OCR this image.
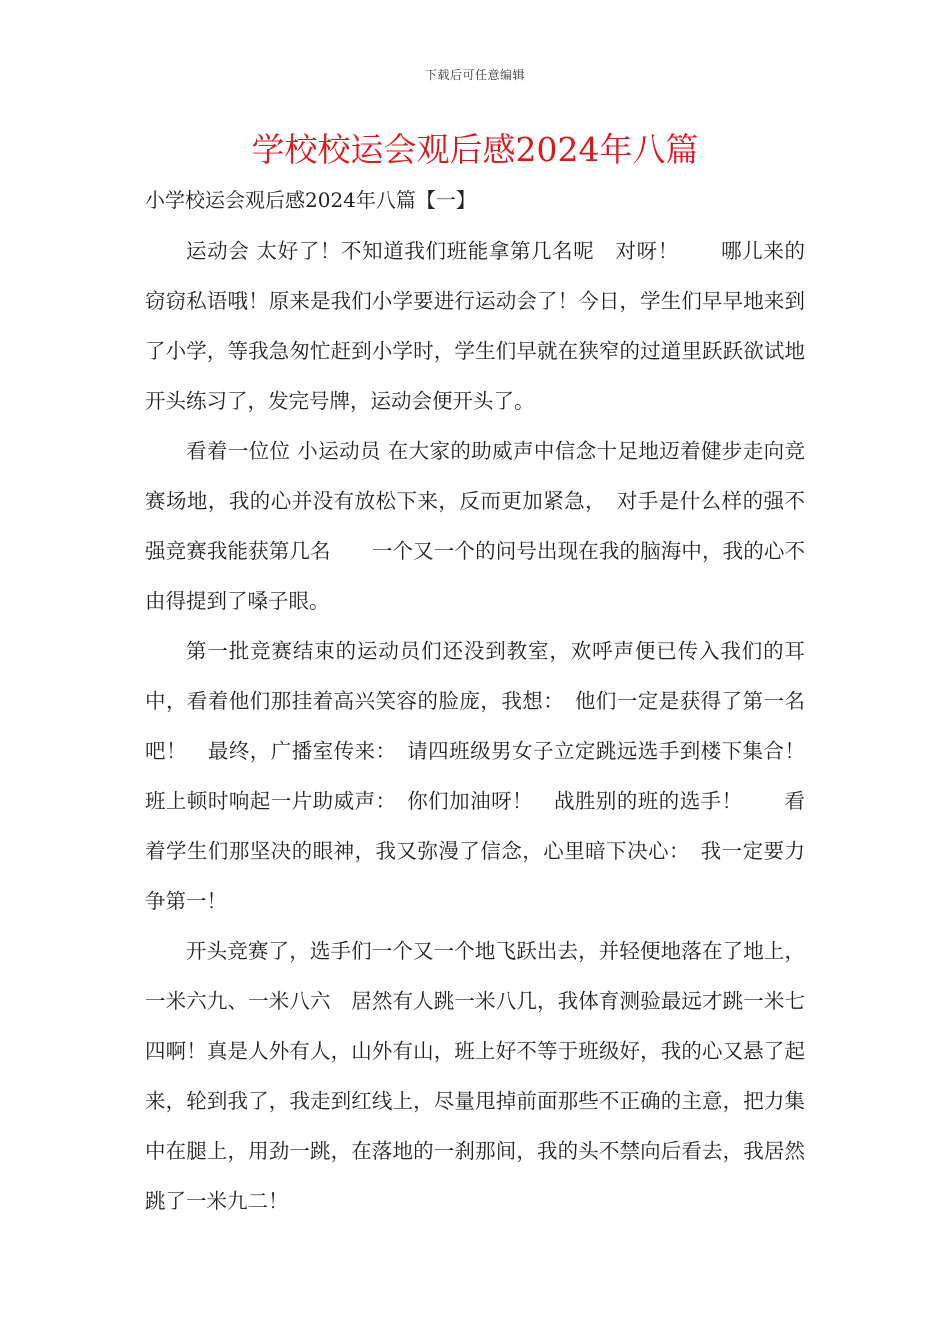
下载后可任意编辑
学校校运会观后感2024年八篇
小学校运会观后感2024年八篇【一】

运动会 太好了！不知道我们班能拿第几名呢　对呀！　　哪儿来的窃窃私语哦！原来是我们小学要进行运动会了！今日，学生们早早地来到了小学，等我急匆忙赶到小学时，学生们早就在狭窄的过道里跃跃欲试地开头练习了，发完号牌，运动会便开头了。

看着一位位 小运动员 在大家的助威声中信念十足地迈着健步走向竞赛场地，我的心并没有放松下来，反而更加紧急，　对手是什么样的强不强竞赛我能获第几名　　一个又一个的问号出现在我的脑海中，我的心不由得提到了嗓子眼。

第一批竞赛结束的运动员们还没到教室，欢呼声便已传入我们的耳中，看着他们那挂着高兴笑容的脸庞，我想：　他们一定是获得了第一名吧！　最终，广播室传来：　请四班级男女子立定跳远选手到楼下集合！　班上顿时响起一片助威声：　你们加油呀！　战胜别的班的选手！　　看着学生们那坚决的眼神，我又弥漫了信念，心里暗下决心：　我一定要力争第一！

开头竞赛了，选手们一个又一个地飞跃出去，并轻便地落在了地上，一米六九、一米八六　居然有人跳一米八几，我体育测验最远才跳一米七四啊！真是人外有人，山外有山，班上好不等于班级好，我的心又悬了起来，轮到我了，我走到红线上，尽量甩掉前面那些不正确的主意，把力集中在腿上，用劲一跳，在落地的一刹那间，我的头不禁向后看去，我居然跳了一米九二！
